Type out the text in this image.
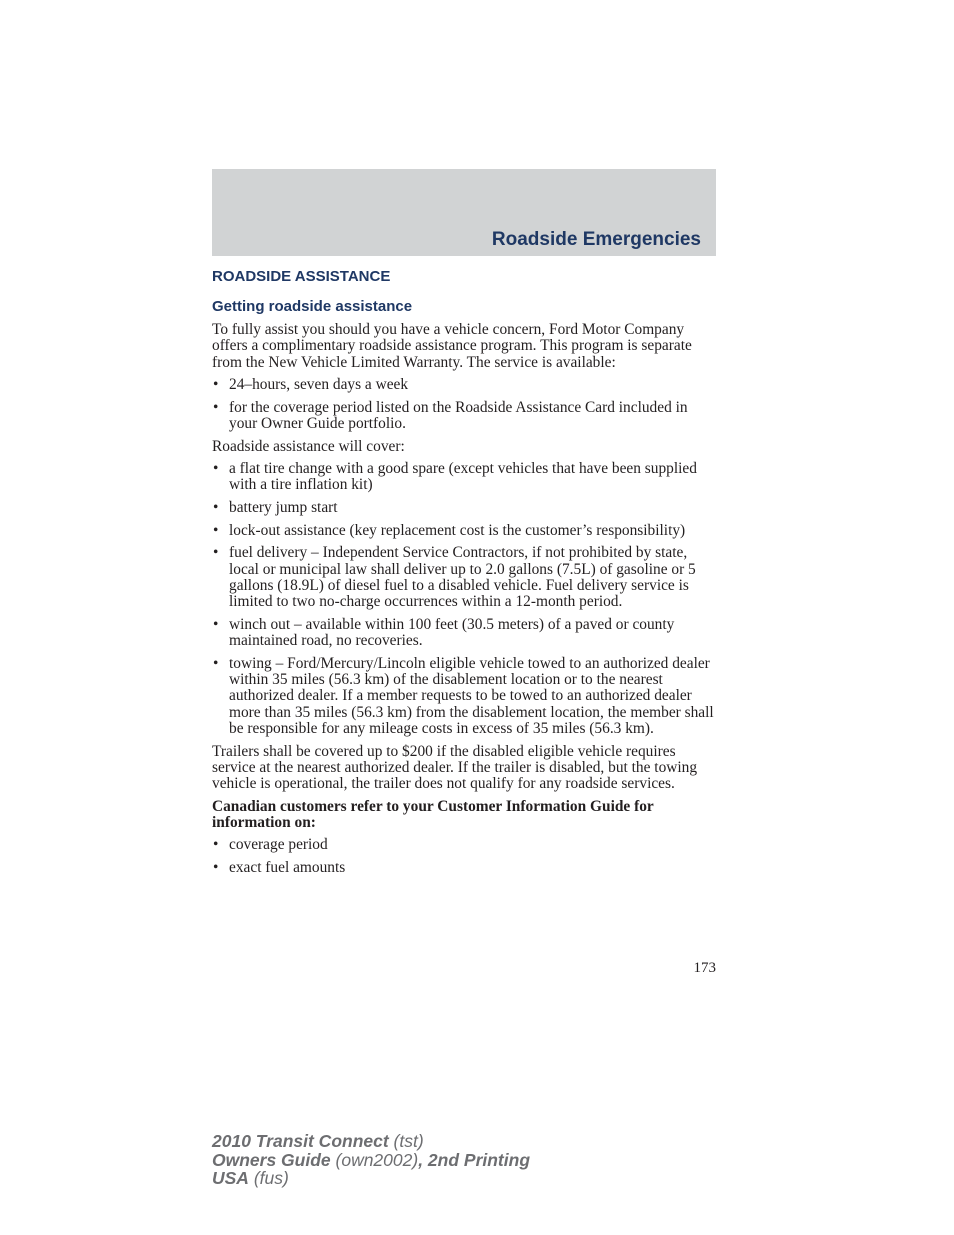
Roadside Emergencies
ROADSIDE ASSISTANCE
Getting roadside assistance

To fully assist you should you have a vehicle concern, Ford Motor Company offers a complimentary roadside assistance program. This program is separate from the New Vehicle Limited Warranty. The service is available:

• 24–hours, seven days a week
• for the coverage period listed on the Roadside Assistance Card included in your Owner Guide portfolio.

Roadside assistance will cover:

• a flat tire change with a good spare (except vehicles that have been supplied with a tire inflation kit)
• battery jump start
• lock-out assistance (key replacement cost is the customer’s responsibility)
• fuel delivery – Independent Service Contractors, if not prohibited by state, local or municipal law shall deliver up to 2.0 gallons (7.5L) of gasoline or 5 gallons (18.9L) of diesel fuel to a disabled vehicle. Fuel delivery service is limited to two no-charge occurrences within a 12-month period.
• winch out – available within 100 feet (30.5 meters) of a paved or county maintained road, no recoveries.
• towing – Ford/Mercury/Lincoln eligible vehicle towed to an authorized dealer within 35 miles (56.3 km) of the disablement location or to the nearest authorized dealer. If a member requests to be towed to an authorized dealer more than 35 miles (56.3 km) from the disablement location, the member shall be responsible for any mileage costs in excess of 35 miles (56.3 km).

Trailers shall be covered up to $200 if the disabled eligible vehicle requires service at the nearest authorized dealer. If the trailer is disabled, but the towing vehicle is operational, the trailer does not qualify for any roadside services.

Canadian customers refer to your Customer Information Guide for information on:

• coverage period
• exact fuel amounts
173
2010 Transit Connect (tst)
Owners Guide (own2002), 2nd Printing
USA (fus)
